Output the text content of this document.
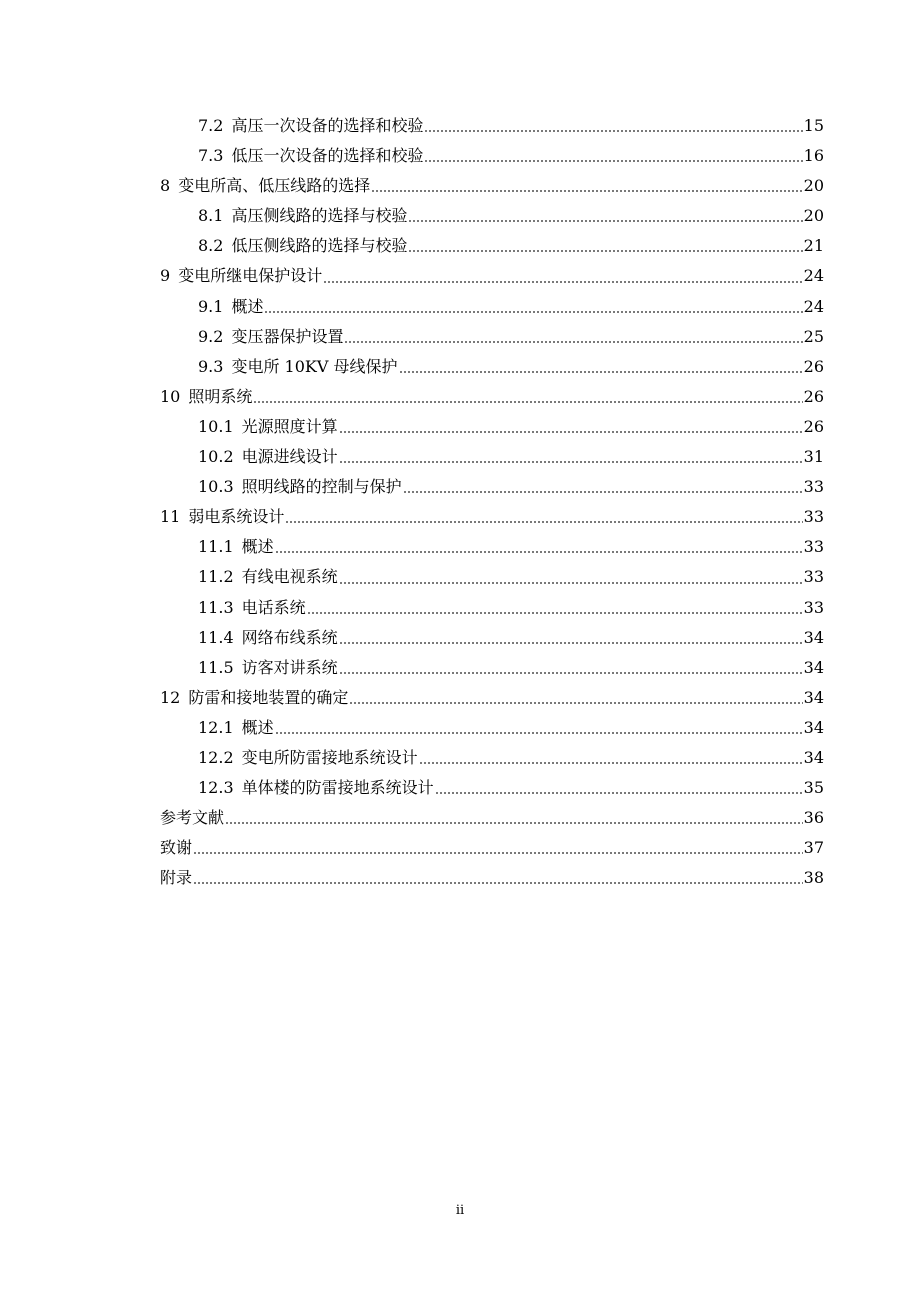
7.2 高压一次设备的选择和校验	15
7.3 低压一次设备的选择和校验	16
8 变电所高、低压线路的选择	20
8.1 高压侧线路的选择与校验	20
8.2 低压侧线路的选择与校验	21
9 变电所继电保护设计	24
9.1 概述	24
9.2 变压器保护设置	25
9.3 变电所 10KV 母线保护	26
10 照明系统	26
10.1 光源照度计算	26
10.2 电源进线设计	31
10.3 照明线路的控制与保护	33
11 弱电系统设计	33
11.1 概述	33
11.2 有线电视系统	33
11.3 电话系统	33
11.4 网络布线系统	34
11.5 访客对讲系统	34
12 防雷和接地装置的确定	34
12.1 概述	34
12.2 变电所防雷接地系统设计	34
12.3 单体楼的防雷接地系统设计	35
参考文献	36
致谢	37
附录	38
ii
